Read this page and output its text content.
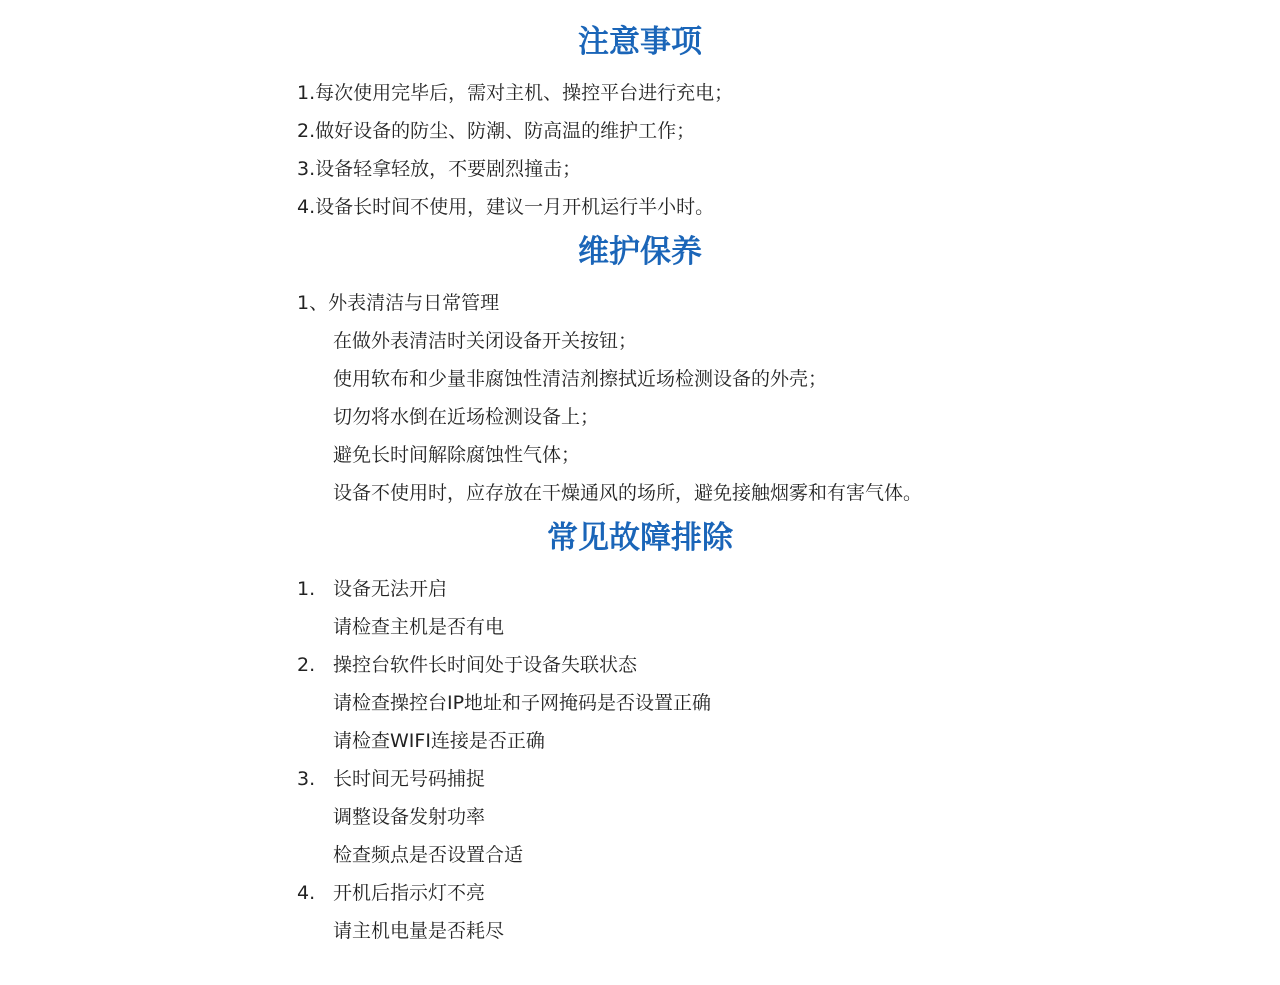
注意事项

1.每次使用完毕后，需对主机、操控平台进行充电；

2.做好设备的防尘、防潮、防高温的维护工作；

3.设备轻拿轻放，不要剧烈撞击；

4.设备长时间不使用，建议一月开机运行半小时。

维护保养

1、外表清洁与日常管理

在做外表清洁时关闭设备开关按钮；

使用软布和少量非腐蚀性清洁剂擦拭近场检测设备的外壳；

切勿将水倒在近场检测设备上；

避免长时间解除腐蚀性气体；

设备不使用时，应存放在干燥通风的场所，避免接触烟雾和有害气体。

常见故障排除
1. 设备无法开启

请检查主机是否有电

2. 操控台软件长时间处于设备失联状态

请检查操控台IP地址和子网掩码是否设置正确

请检查WIFI连接是否正确

3. 长时间无号码捕捉

调整设备发射功率

检查频点是否设置合适

4. 开机后指示灯不亮

请主机电量是否耗尽
